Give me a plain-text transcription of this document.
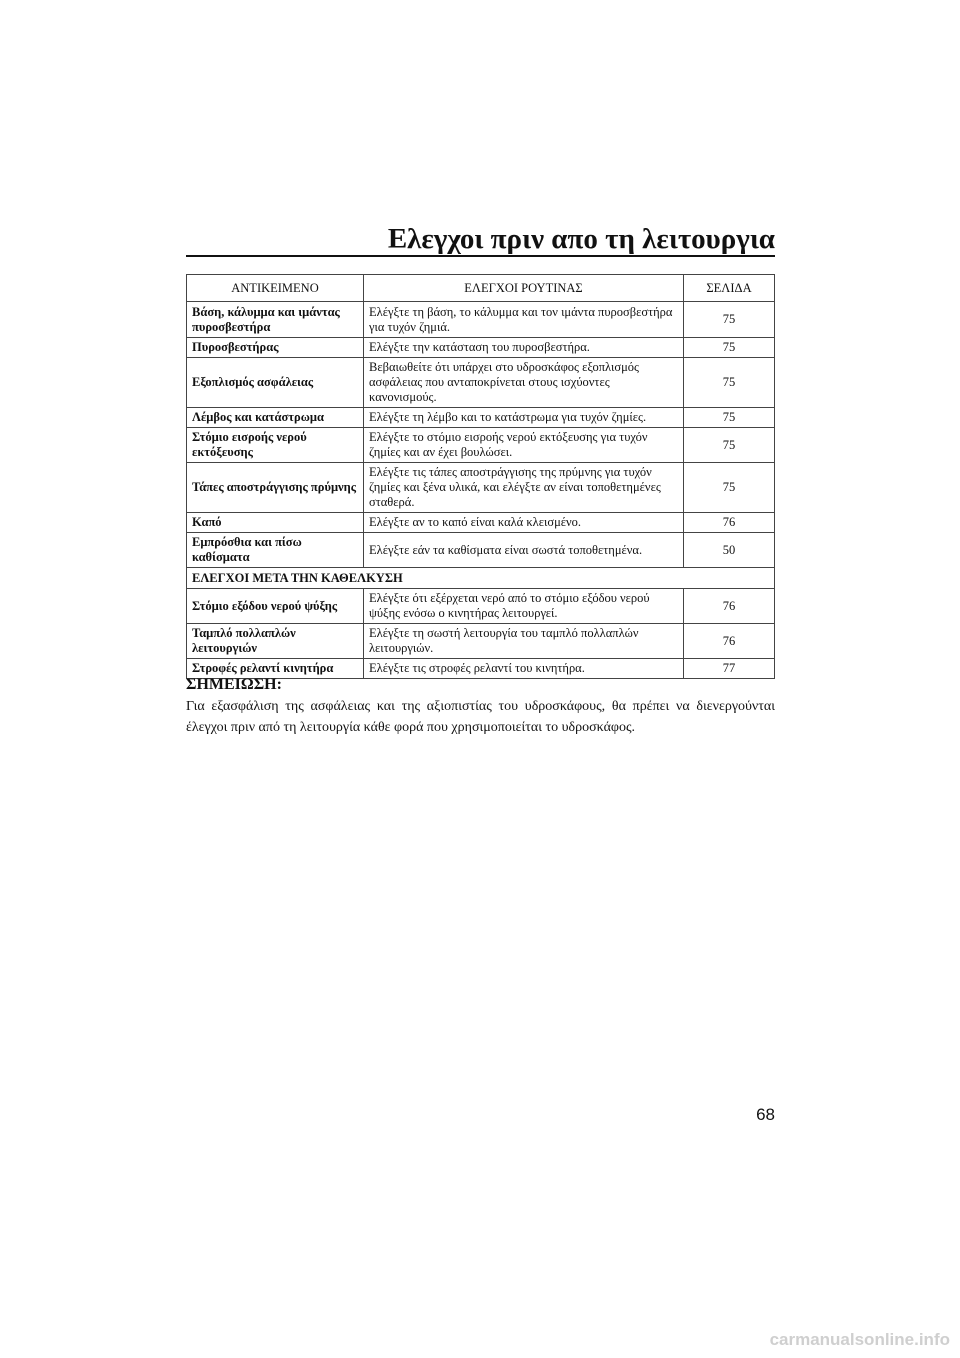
Ελεγχοι πριν απο τη λειτουργια
ΑΝΤΙΚΕΙΜΕΝΟ	ΕΛΕΓΧΟΙ ΡΟΥΤΙΝΑΣ	ΣΕΛΙΔΑ
Βάση, κάλυμμα και ιμάντας πυροσβεστήρα	Ελέγξτε τη βάση, το κάλυμμα και τον ιμάντα πυροσβεστήρα για τυχόν ζημιά.	75
Πυροσβεστήρας	Ελέγξτε την κατάσταση του πυροσβεστήρα.	75
Εξοπλισμός ασφάλειας	Βεβαιωθείτε ότι υπάρχει στο υδροσκάφος εξοπλισμός ασφάλειας που ανταποκρίνεται στους ισχύοντες κανονισμούς.	75
Λέμβος και κατάστρωμα	Ελέγξτε τη λέμβο και το κατάστρωμα για τυχόν ζημίες.	75
Στόμιο εισροής νερού εκτόξευσης	Ελέγξτε το στόμιο εισροής νερού εκτόξευσης για τυχόν ζημίες και αν έχει βουλώσει.	75
Τάπες αποστράγγισης πρύμνης	Ελέγξτε τις τάπες αποστράγγισης της πρύμνης για τυχόν ζημίες και ξένα υλικά, και ελέγξτε αν είναι τοποθετημένες σταθερά.	75
Καπό	Ελέγξτε αν το καπό είναι καλά κλεισμένο.	76
Εμπρόσθια και πίσω καθίσματα	Ελέγξτε εάν τα καθίσματα είναι σωστά τοποθετημένα.	50
ΕΛΕΓΧΟΙ ΜΕΤΑ ΤΗΝ ΚΑΘΕΛΚΥΣΗ		
Στόμιο εξόδου νερού ψύξης	Ελέγξτε ότι εξέρχεται νερό από το στόμιο εξόδου νερού ψύξης ενόσω ο κινητήρας λειτουργεί.	76
Ταμπλό πολλαπλών λειτουργιών	Ελέγξτε τη σωστή λειτουργία του ταμπλό πολλαπλών λειτουργιών.	76
Στροφές ρελαντί κινητήρα	Ελέγξτε τις στροφές ρελαντί του κινητήρα.	77
ΣΗΜΕΙΩΣΗ:
Για εξασφάλιση της ασφάλειας και της αξιοπιστίας του υδροσκάφους, θα πρέπει να διενεργούνται έλεγχοι πριν από τη λειτουργία κάθε φορά που χρησιμοποιείται το υδροσκάφος.
68
carmanualsonline.info
